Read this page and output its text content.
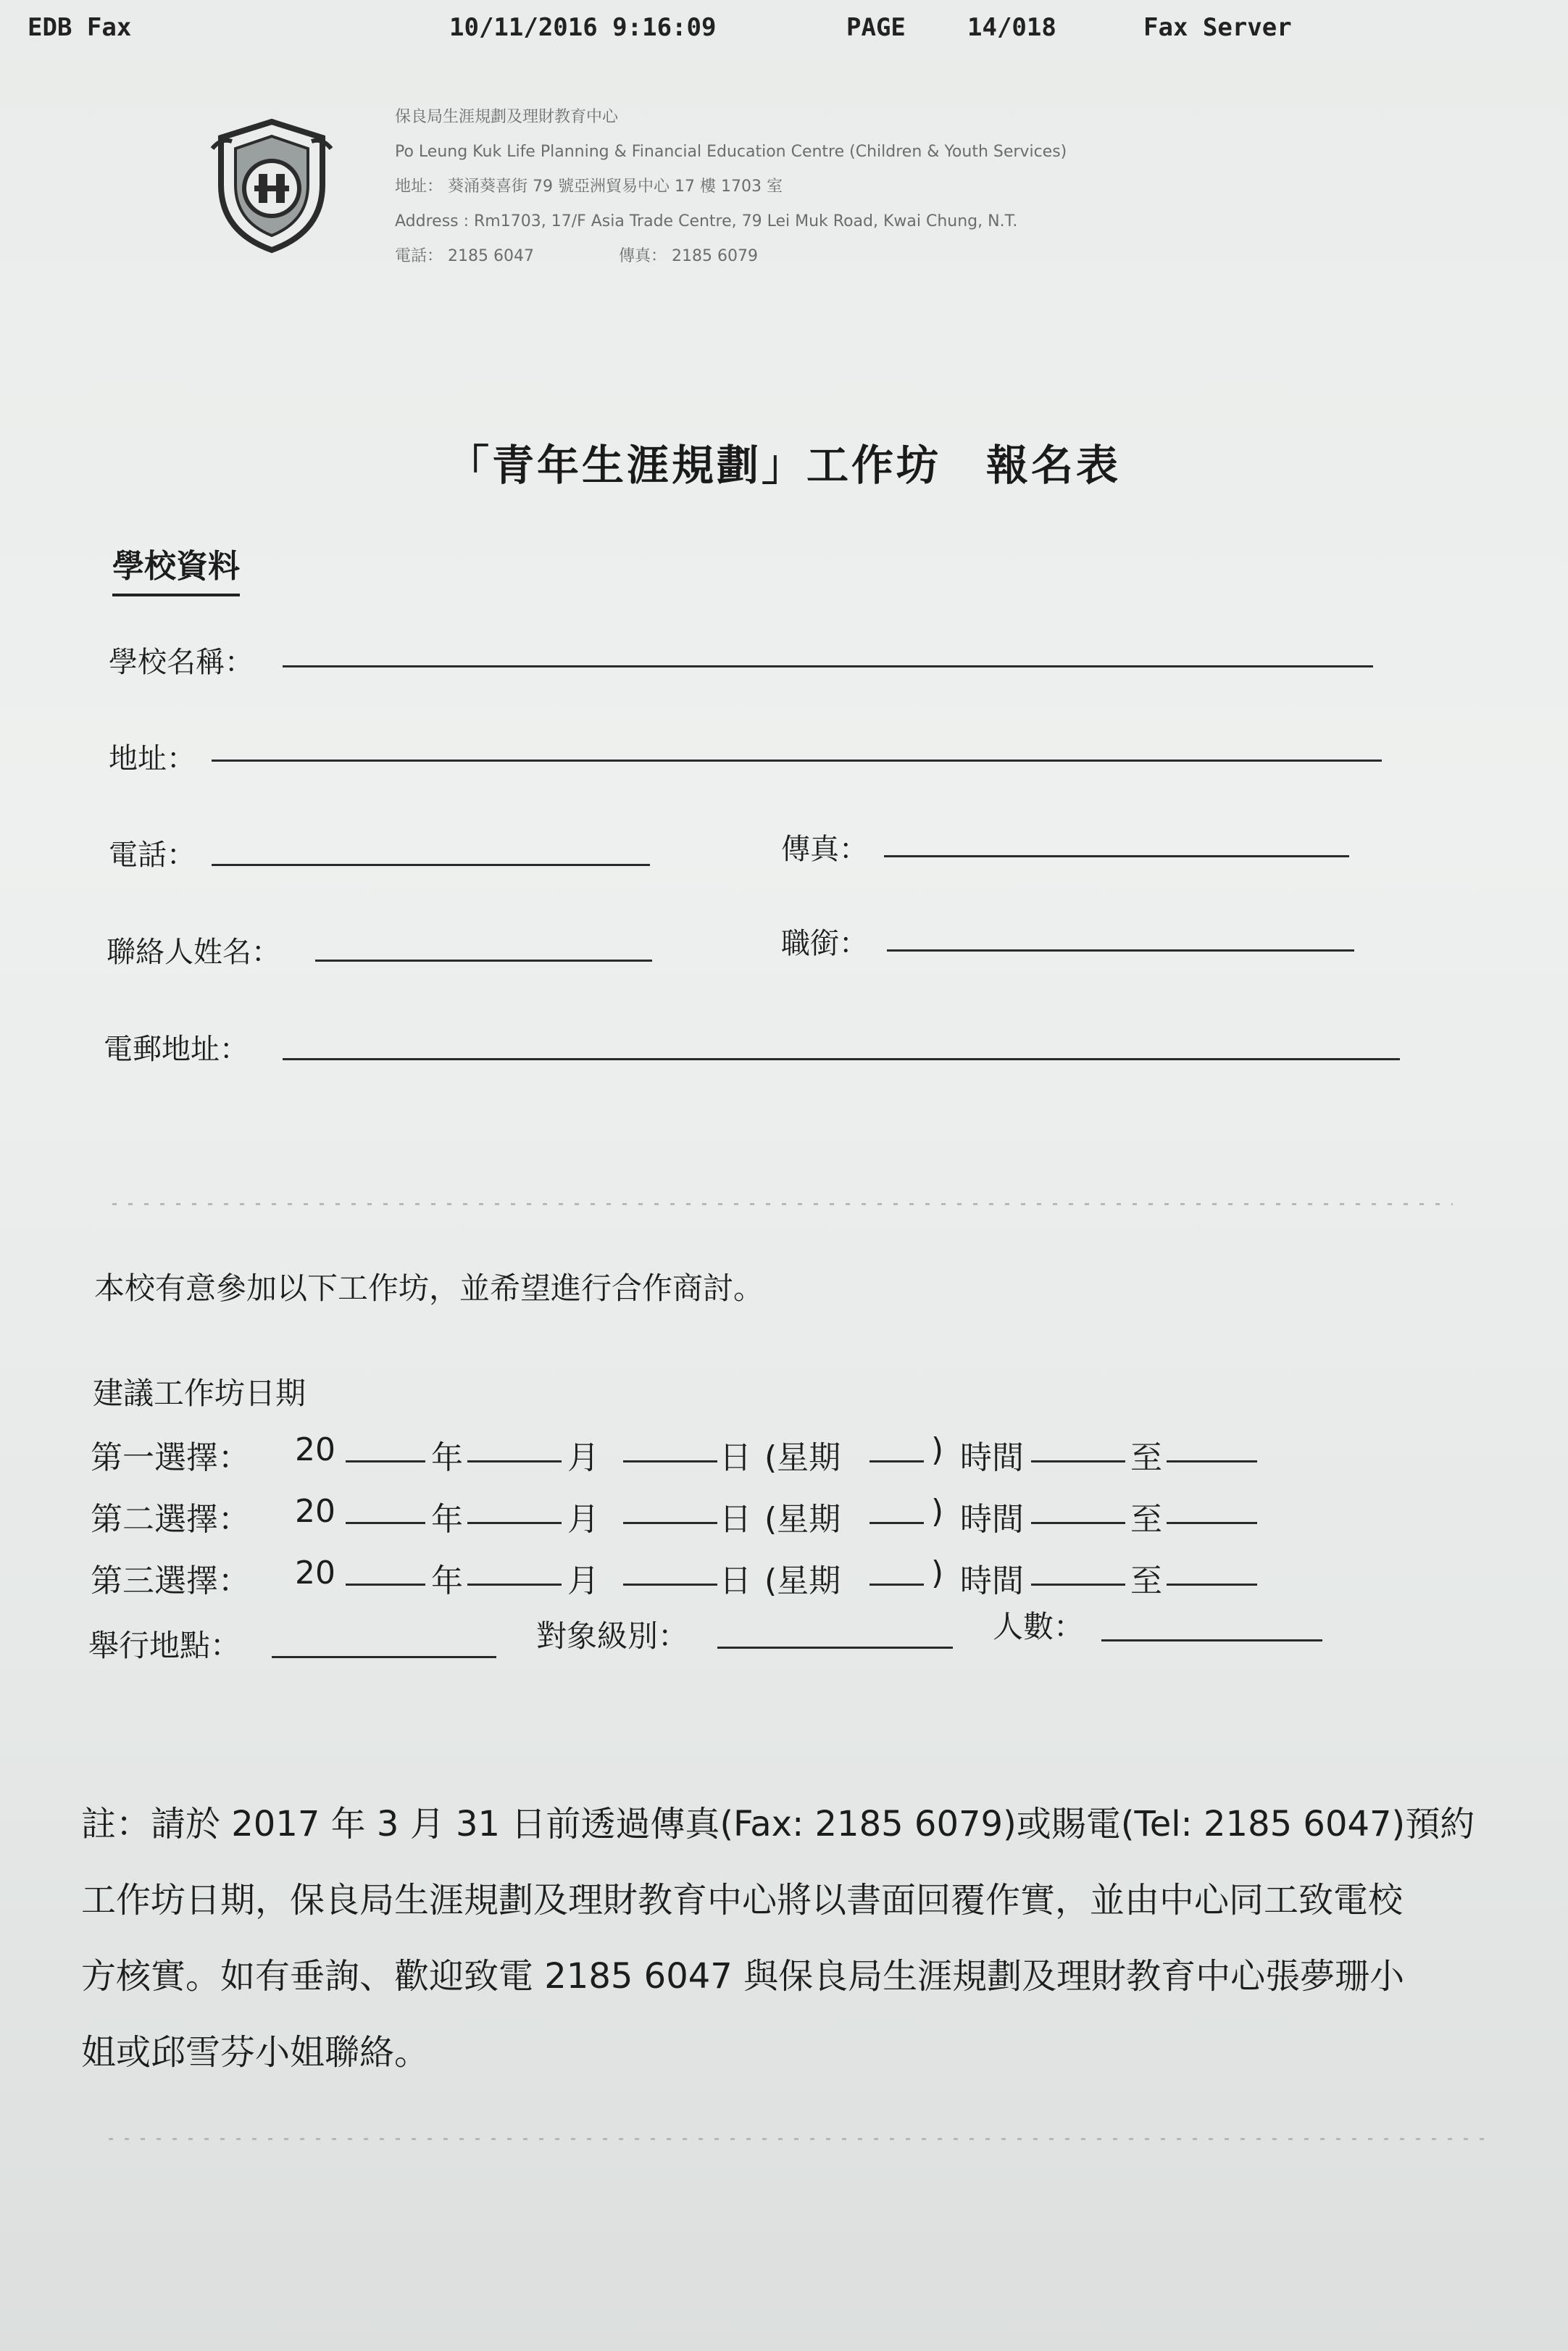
EDB Fax	10/11/2016 9:16:09	PAGE	14/018	Fax Server
保良局生涯規劃及理財教育中心
Po Leung Kuk Life Planning & Financial Education Centre (Children & Youth Services)
地址： 葵涌葵喜街 79 號亞洲貿易中心 17 樓 1703 室
Address : Rm1703, 17/F Asia Trade Centre, 79 Lei Muk Road, Kwai Chung, N.T.
電話： 2185 6047	傳真： 2185 6079
「青年生涯規劃」工作坊　報名表
學校資料
學校名稱：
地址：
電話：	傳真：
聯絡人姓名：	職銜：
電郵地址：
本校有意參加以下工作坊，並希望進行合作商討。
建議工作坊日期
第一選擇： 20	年	月	日 (星期	) 時間	至
第二選擇： 20	年	月	日 (星期	) 時間	至
第三選擇： 20	年	月	日 (星期	) 時間	至
舉行地點：	對象級別：	人數：
註：請於 2017 年 3 月 31 日前透過傳真(Fax: 2185 6079)或賜電(Tel: 2185 6047)預約
工作坊日期，保良局生涯規劃及理財教育中心將以書面回覆作實，並由中心同工致電校
方核實。如有垂詢、歡迎致電 2185 6047 與保良局生涯規劃及理財教育中心張夢珊小
姐或邱雪芬小姐聯絡。
